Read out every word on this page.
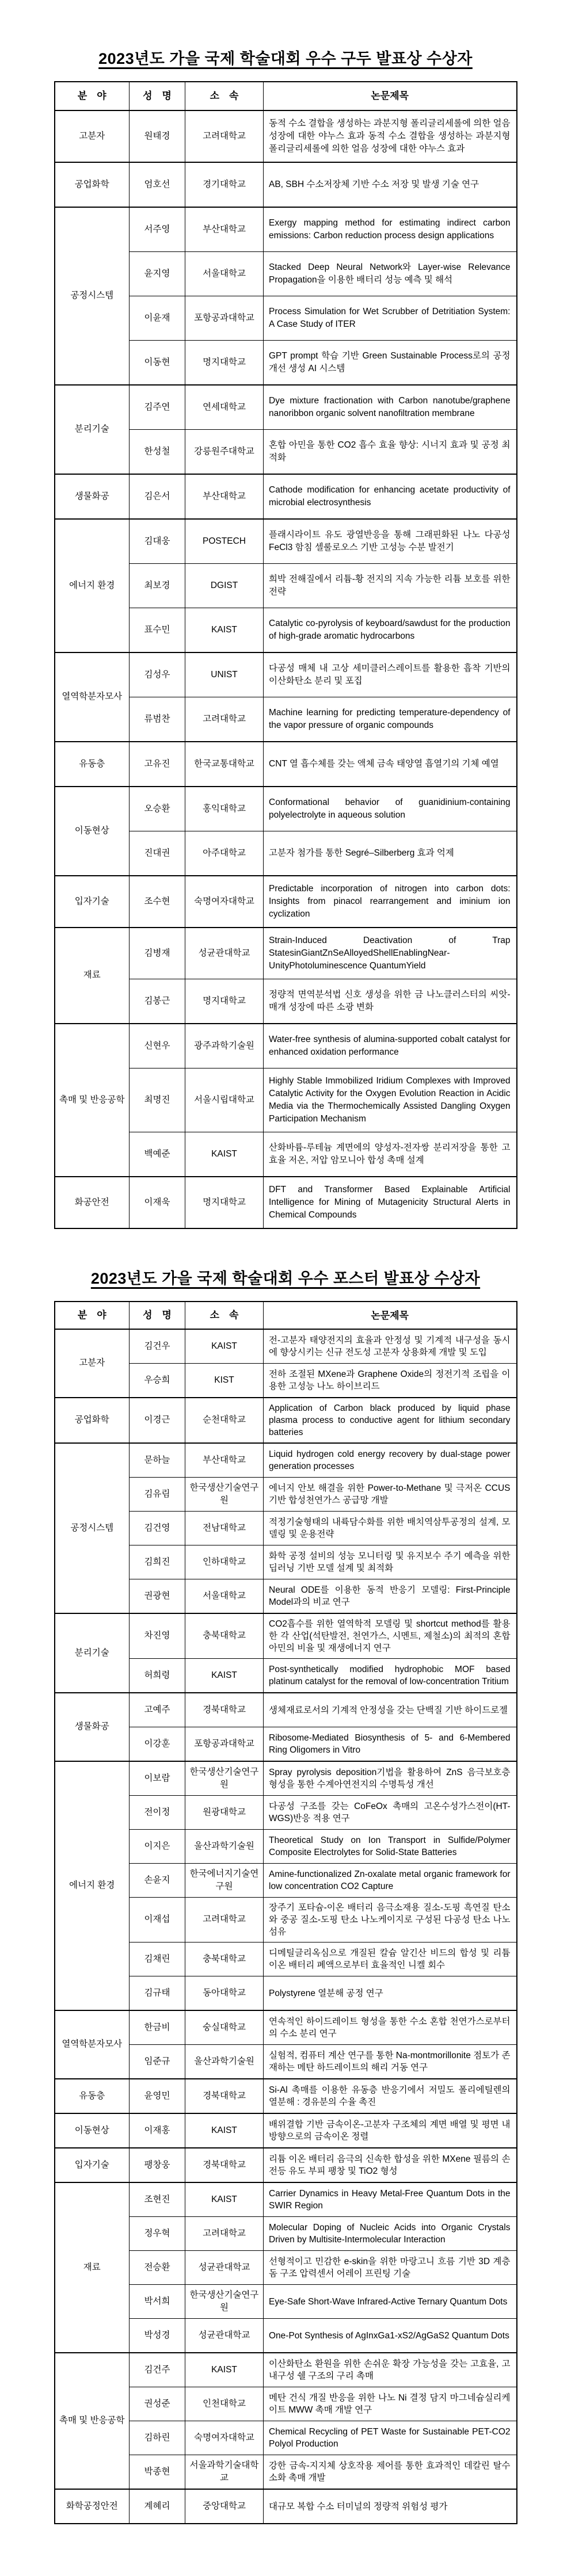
2023년도 가을 국제 학술대회 우수 구두 발표상 수상자
분　야	성　명	소　속	논문제목
고분자	원태경	고려대학교	동적 수소 결합을 생성하는 과분지형 폴리글리세롤에 의한 얼음 성장에 대한 야누스 효과 동적 수소 결합을 생성하는 과분지형 폴리글리세롤에 의한 얼음 성장에 대한 야누스 효과
공업화학	엄호선	경기대학교	AB, SBH 수소저장체 기반 수소 저장 및 발생 기술 연구
공정시스템	서주영	부산대학교	Exergy mapping method for estimating indirect carbon emissions: Carbon reduction process design applications
	윤지영	서울대학교	Stacked Deep Neural Network와 Layer-wise Relevance Propagation을 이용한 배터리 성능 예측 및 해석
	이윤재	포항공과대학교	Process Simulation for Wet Scrubber of Detritiation System: A Case Study of ITER
	이동현	명지대학교	GPT prompt 학습 기반 Green Sustainable Process로의 공정 개선 생성 AI 시스템
분리기술	김주연	연세대학교	Dye mixture fractionation with Carbon nanotube/graphene nanoribbon organic solvent nanofiltration membrane
	한성철	강릉원주대학교	혼합 아민을 통한 CO2 흡수 효율 향상: 시너지 효과 및 공정 최적화
생물화공	김은서	부산대학교	Cathode modification for enhancing acetate productivity of microbial electrosynthesis
에너지 환경	김대웅	POSTECH	플래시라이트 유도 광열반응을 통해 그래핀화된 나노 다공성 FeCl3 함침 셀룰로오스 기반 고성능 수분 발전기
	최보경	DGIST	희박 전해질에서 리튬-황 전지의 지속 가능한 리튬 보호를 위한 전략
	표수민	KAIST	Catalytic co-pyrolysis of keyboard/sawdust for the production of high-grade aromatic hydrocarbons
열역학분자모사	김성우	UNIST	다공성 매체 내 고상 세미클러스레이트를 활용한 흡착 기반의 이산화탄소 분리 및 포집
	류범찬	고려대학교	Machine learning for predicting temperature-dependency of the vapor pressure of organic compounds
유동층	고유진	한국교통대학교	CNT 열 흡수체를 갖는 액체 금속 태양열 흡열기의 기체 예열
이동현상	오승환	홍익대학교	Conformational behavior of guanidinium-containing polyelectrolyte in aqueous solution
	진대권	아주대학교	고분자 첨가를 통한 Segré–Silberberg 효과 억제
입자기술	조수현	숙명여자대학교	Predictable incorporation of nitrogen into carbon dots: Insights from pinacol rearrangement and iminium ion cyclization
재료	김병재	성균관대학교	Strain-Induced Deactivation of Trap StatesinGiantZnSeAlloyedShellEnablingNear-UnityPhotoluminescence QuantumYield
	김봉근	명지대학교	정량적 면역분석법 신호 생성을 위한 금 나노클러스터의 씨앗-매개 성장에 따른 소광 변화
촉매 및 반응공학	신현우	광주과학기술원	Water-free synthesis of alumina-supported cobalt catalyst for enhanced oxidation performance
	최명진	서울시립대학교	Highly Stable Immobilized Iridium Complexes with Improved Catalytic Activity for the Oxygen Evolution Reaction in Acidic Media via the Thermochemically Assisted Dangling Oxygen Participation Mechanism
	백예준	KAIST	산화바륨-루테늄 계면에의 양성자-전자쌍 분리저장을 통한 고효율 저온, 저압 암모니아 합성 촉매 설계
화공안전	이재욱	명지대학교	DFT and Transformer Based Explainable Artificial Intelligence for Mining of Mutagenicity Structural Alerts in Chemical Compounds
2023년도 가을 국제 학술대회 우수 포스터 발표상 수상자
분　야	성　명	소　속	논문제목
고분자	김건우	KAIST	전-고분자 태양전지의 효율과 안정성 및 기계적 내구성을 동시에 향상시키는 신규 전도성 고분자 상용화제 개발 및 도입
	우승희	KIST	전하 조절된 MXene과 Graphene Oxide의 정전기적 조립을 이용한 고성능 나노 하이브리드
공업화학	이경근	순천대학교	Application of Carbon black produced by liquid phase plasma process to conductive agent for lithium secondary batteries
공정시스템	문하늘	부산대학교	Liquid hydrogen cold energy recovery by dual-stage power generation processes
	김유림	한국생산기술연구원	에너지 안보 해결을 위한 Power-to-Methane 및 극저온 CCUS 기반 합성천연가스 공급망 개발
	김건영	전남대학교	적정기술형태의 내륙담수화를 위한 배치역삼투공정의 설계, 모델링 및 운용전략
	김희진	인하대학교	화학 공정 설비의 성능 모니터링 및 유지보수 주기 예측을 위한 딥러닝 기반 모델 설계 및 최적화
	권광현	서울대학교	Neural ODE를 이용한 동적 반응기 모델링: First-Principle Model과의 비교 연구
분리기술	차진영	충북대학교	CO2흡수를 위한 열역학적 모델링 및 shortcut method를 활용한 각 산업(석탄발전, 천연가스, 시멘트, 제철소)의 최적의 혼합 아민의 비율 및 재생에너지 연구
	허희령	KAIST	Post-synthetically modified hydrophobic MOF based platinum catalyst for the removal of low-concentration Tritium
생물화공	고예주	경북대학교	생체재료로서의 기계적 안정성을 갖는 단백질 기반 하이드로젤
	이강훈	포항공과대학교	Ribosome-Mediated Biosynthesis of 5- and 6-Membered Ring Oligomers in Vitro
에너지 환경	이보람	한국생산기술연구원	Spray pyrolysis deposition기법을 활용하여 ZnS 음극보호층 형성을 통한 수계아연전지의 수명특성 개선
	전이정	원광대학교	다공성 구조를 갖는 CoFeOx 촉매의 고온수성가스전이(HT-WGS)반응 적용 연구
	이지은	울산과학기술원	Theoretical Study on Ion Transport in Sulfide/Polymer Composite Electrolytes for Solid-State Batteries
	손윤지	한국에너지기술연구원	Amine-functionalized Zn-oxalate metal organic framework for low concentration CO2 Capture
	이재섭	고려대학교	장주기 포타슘-이온 배터리 음극소재용 질소-도핑 흑연질 탄소와 중공 질소-도핑 탄소 나노케이지로 구성된 다공성 탄소 나노섬유
	김채린	충북대학교	디메틸글리옥심으로 개질된 칼슘 알긴산 비드의 합성 및 리튬 이온 배터리 폐액으로부터 효율적인 니켈 회수
	김규태	동아대학교	Polystyrene 열분해 공정 연구
열역학분자모사	한금비	숭실대학교	연속적인 하이드레이트 형성을 통한 수소 혼합 천연가스로부터의 수소 분리 연구
	임준규	울산과학기술원	실험적, 컴퓨터 계산 연구를 통한 Na-montmorillonite 점토가 존재하는 메탄 하드레이트의 해리 거동 연구
유동층	윤영민	경북대학교	Si-Al 촉매를 이용한 유동층 반응기에서 저밀도 폴리에틸렌의 열분해 : 경유분의 수율 촉진
이동현상	이재홍	KAIST	배위결합 기반 금속이온-고분자 구조체의 계면 배열 및 평면 내 방향으로의 금속이온 정렬
입자기술	팽창웅	경북대학교	리튬 이온 배터리 음극의 신속한 합성을 위한 MXene 필름의 손전등 유도 부피 팽창 및 TiO2 형성
재료	조현진	KAIST	Carrier Dynamics in Heavy Metal-Free Quantum Dots in the SWIR Region
	정우혁	고려대학교	Molecular Doping of Nucleic Acids into Organic Crystals Driven by Multisite-Intermolecular Interaction
	전승환	성균관대학교	선형적이고 민감한 e-skin을 위한 마랑고니 흐름 기반 3D 계층돔 구조 압력센서 어레이 프린팅 기술
	박서희	한국생산기술연구원	Eye-Safe Short-Wave Infrared-Active Ternary Quantum Dots
	박성경	성균관대학교	One-Pot Synthesis of AgInxGa1-xS2/AgGaS2 Quantum Dots
촉매 및 반응공학	김건주	KAIST	이산화탄소 환원을 위한 손쉬운 확장 가능성을 갖는 고효율, 고내구성 쉘 구조의 구리 촉매
	권성준	인천대학교	메탄 건식 개질 반응을 위한 나노 Ni 결정 담지 마그네슘실리케이트 MWW 촉매 개발 연구
	김하린	숙명여자대학교	Chemical Recycling of PET Waste for Sustainable PET-CO2 Polyol Production
	박종현	서울과학기술대학교	강한 금속-지지체 상호작용 제어를 통한 효과적인 데칼린 탈수소화 촉매 개발
화학공정안전	계혜리	중앙대학교	대규모 복합 수소 터미널의 정량적 위험성 평가
